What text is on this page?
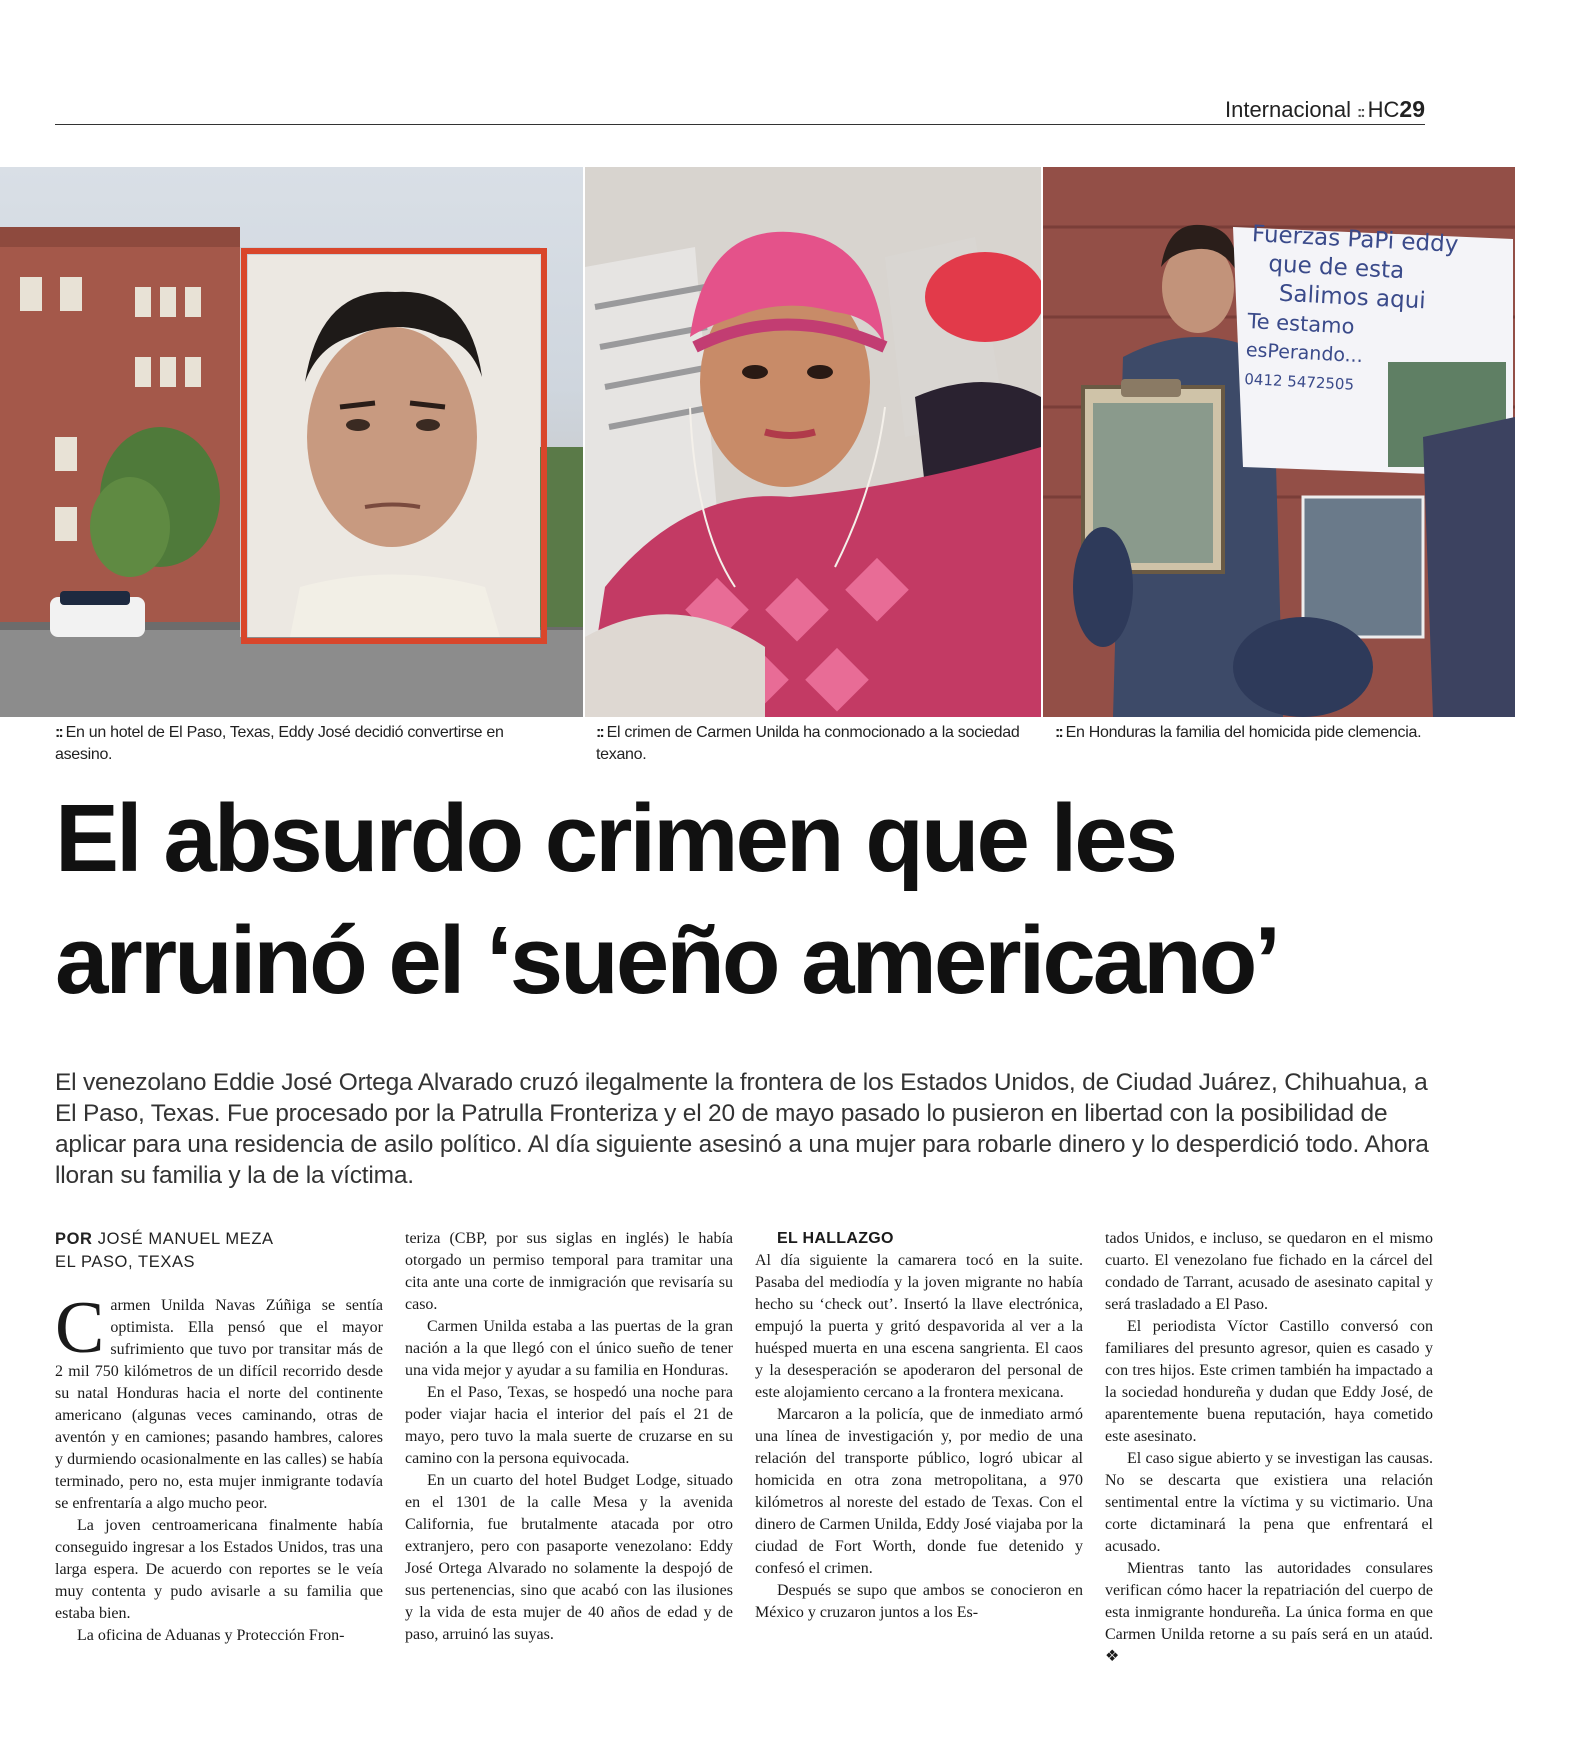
Internacional :: HC29
:: En un hotel de El Paso, Texas, Eddy José decidió convertirse en asesino.
:: El crimen de Carmen Unilda ha conmocionado a la sociedad texano.
Fuerzas PaPi eddy
que de esta
Salimos aqui
Te estamo
esPerando...
0412 5472505
:: En Honduras la familia del homicida pide clemencia.
El absurdo crimen que les
arruinó el ‘sueño americano’

El venezolano Eddie José Ortega Alvarado cruzó ilegalmente la frontera de los Estados Unidos, de Ciudad Juárez, Chihuahua, a El Paso, Texas. Fue procesado por la Patrulla Fronteriza y el 20 de mayo pasado lo pusieron en libertad con la posibilidad de aplicar para una residencia de asilo político. Al día siguiente asesinó a una mujer para robarle dinero y lo desperdició todo. Ahora lloran su familia y la de la víctima.

POR JOSÉ MANUEL MEZA
EL PASO, TEXAS

Carmen Unilda Navas Zúñiga se sentía optimista. Ella pensó que el mayor sufrimiento que tuvo por transitar más de 2 mil 750 kilómetros de un difícil recorrido desde su natal Honduras hacia el norte del continente americano (algunas veces caminando, otras de aventón y en camiones; pasando hambres, calores y durmiendo ocasionalmente en las calles) se había terminado, pero no, esta mujer inmigrante todavía se enfrentaría a algo mucho peor.

La joven centroamericana finalmente había conseguido ingresar a los Estados Unidos, tras una larga espera. De acuerdo con reportes se le veía muy contenta y pudo avisarle a su familia que estaba bien.

La oficina de Aduanas y Protección Fron-

teriza (CBP, por sus siglas en inglés) le había otorgado un permiso temporal para tramitar una cita ante una corte de inmigración que revisaría su caso.

Carmen Unilda estaba a las puertas de la gran nación a la que llegó con el único sueño de tener una vida mejor y ayudar a su familia en Honduras.

En el Paso, Texas, se hospedó una noche para poder viajar hacia el interior del país el 21 de mayo, pero tuvo la mala suerte de cruzarse en su camino con la persona equivocada.

En un cuarto del hotel Budget Lodge, situado en el 1301 de la calle Mesa y la avenida California, fue brutalmente atacada por otro extranjero, pero con pasaporte venezolano: Eddy José Ortega Alvarado no solamente la despojó de sus pertenencias, sino que acabó con las ilusiones y la vida de esta mujer de 40 años de edad y de paso, arruinó las suyas.

EL HALLAZGO

Al día siguiente la camarera tocó en la suite. Pasaba del mediodía y la joven migrante no había hecho su ‘check out’. Insertó la llave electrónica, empujó la puerta y gritó despavorida al ver a la huésped muerta en una escena sangrienta. El caos y la desesperación se apoderaron del personal de este alojamiento cercano a la frontera mexicana.

Marcaron a la policía, que de inmediato armó una línea de investigación y, por medio de una relación del transporte público, logró ubicar al homicida en otra zona metropolitana, a 970 kilómetros al noreste del estado de Texas. Con el dinero de Carmen Unilda, Eddy José viajaba por la ciudad de Fort Worth, donde fue detenido y confesó el crimen.

Después se supo que ambos se conocieron en México y cruzaron juntos a los Es-

tados Unidos, e incluso, se quedaron en el mismo cuarto. El venezolano fue fichado en la cárcel del condado de Tarrant, acusado de asesinato capital y será trasladado a El Paso.

El periodista Víctor Castillo conversó con familiares del presunto agresor, quien es casado y con tres hijos. Este crimen también ha impactado a la sociedad hondureña y dudan que Eddy José, de aparentemente buena reputación, haya cometido este asesinato.

El caso sigue abierto y se investigan las causas. No se descarta que existiera una relación sentimental entre la víctima y su victimario. Una corte dictaminará la pena que enfrentará el acusado.

Mientras tanto las autoridades consulares verifican cómo hacer la repatriación del cuerpo de esta inmigrante hondureña. La única forma en que Carmen Unilda retorne a su país será en un ataúd. ❖
